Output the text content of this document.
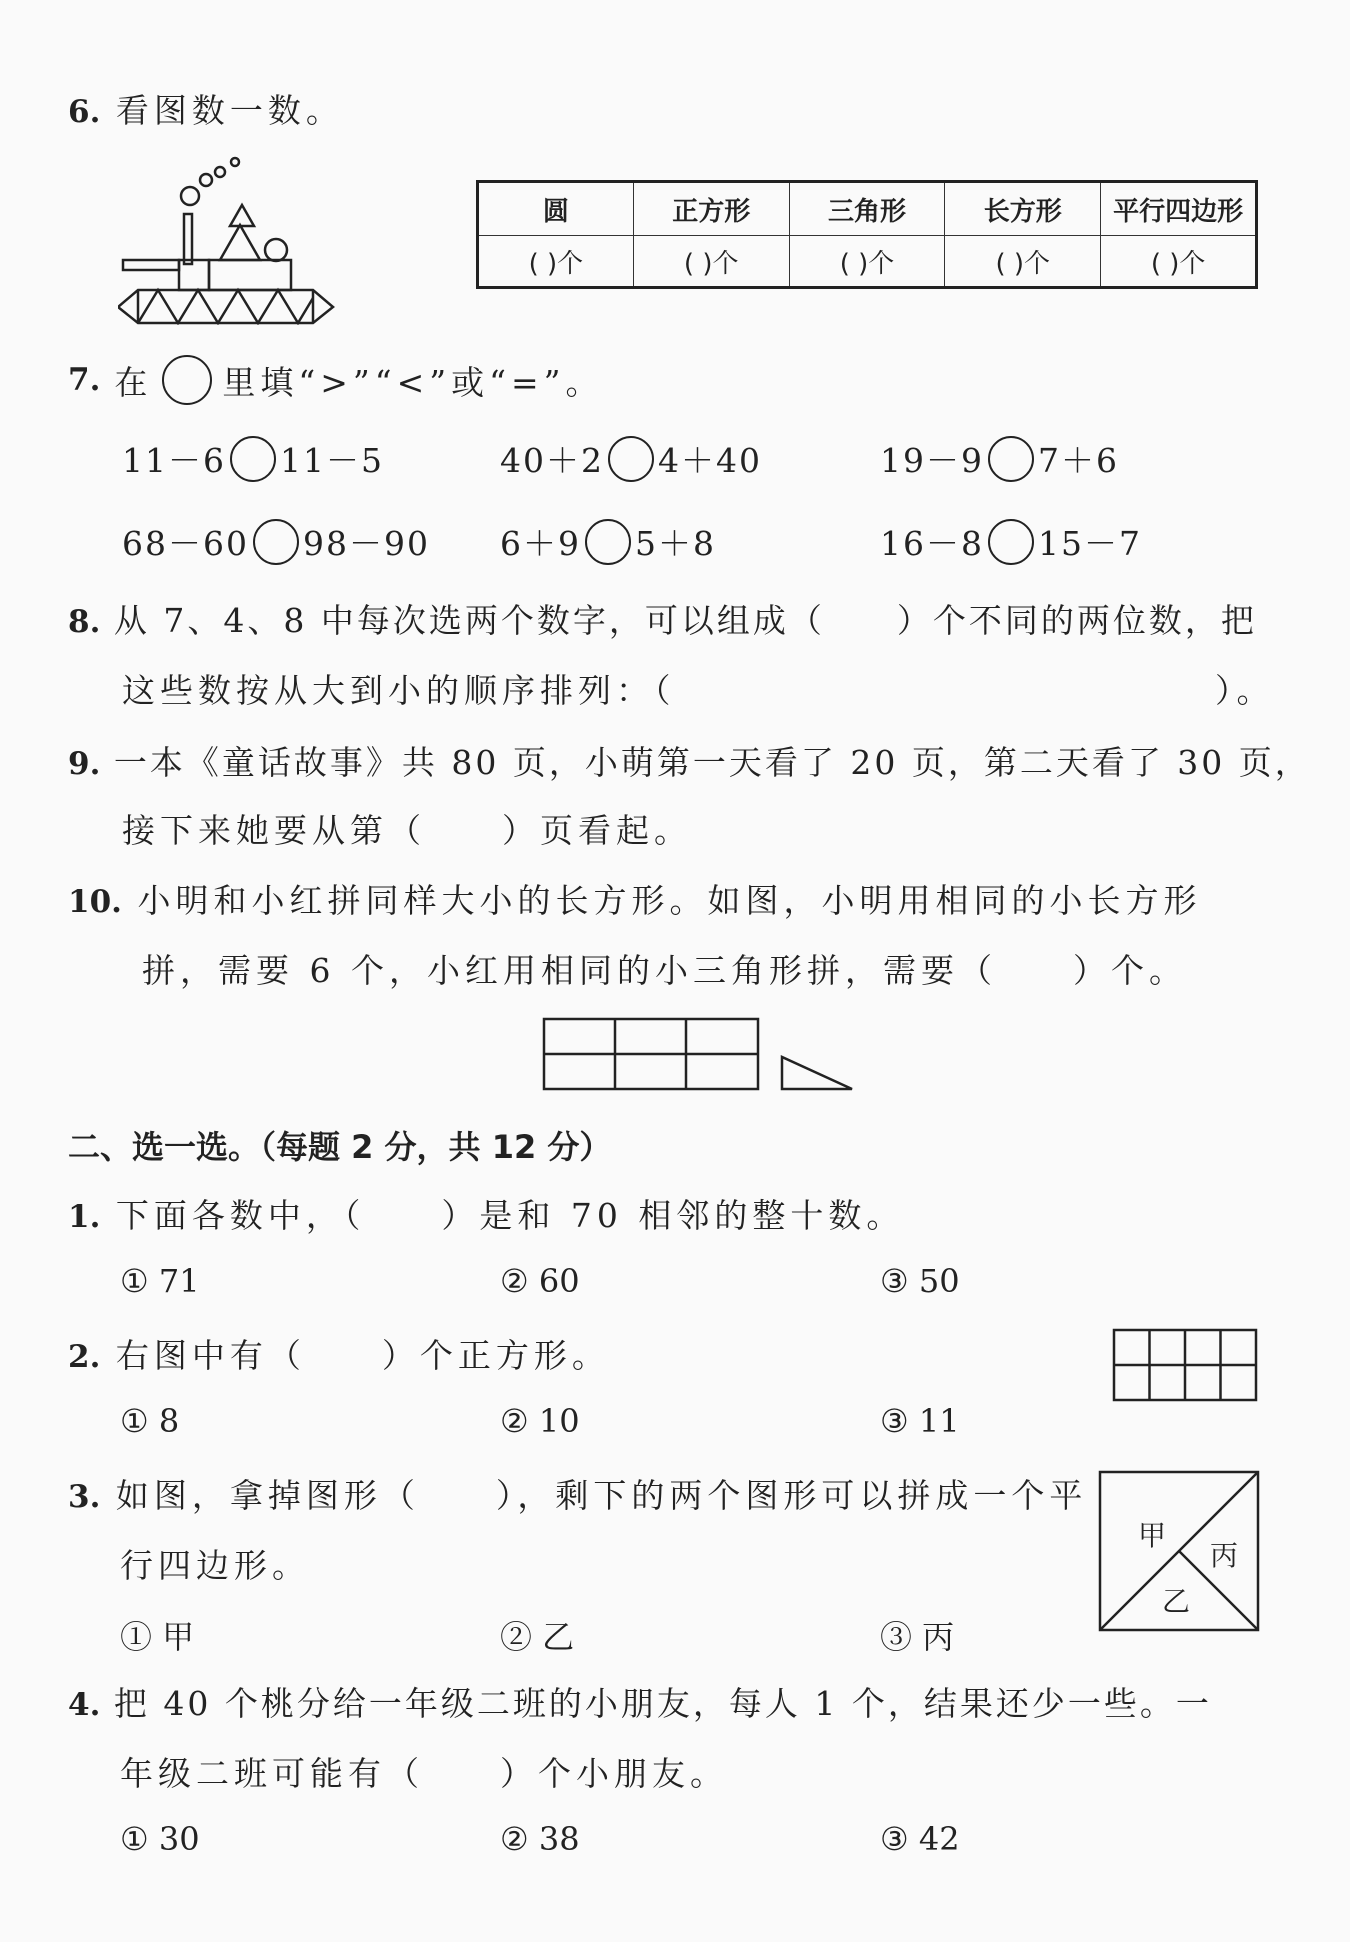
6. 看图数一数。
圆	正方形	三角形	长方形	平行四边形
( )个	( )个	( )个	( )个	( )个
7. 在 里填“>”“<”或“=”。
11－6 11－5	40＋2 4＋40	19－9 7＋6
68－60 98－90 6＋9 5＋8	16－8 15－7
8. 从 7、4、8 中每次选两个数字，可以组成（　　）个不同的两位数，把
这些数按从大到小的顺序排列：（	）。
9. 一本《童话故事》共 80 页，小萌第一天看了 20 页，第二天看了 30 页，
接下来她要从第（　　）页看起。
10. 小明和小红拼同样大小的长方形。如图，小明用相同的小长方形
拼，需要 6 个，小红用相同的小三角形拼，需要（　　）个。
二、选一选。（每题 2 分，共 12 分）
1. 下面各数中，（　　）是和 70 相邻的整十数。
① 71	② 60	③ 50
2. 右图中有（　　）个正方形。
① 8	② 10	③ 11
3. 如图，拿掉图形（　　），剩下的两个图形可以拼成一个平
行四边形。
甲
丙
乙
① 甲	② 乙	③ 丙
4. 把 40 个桃分给一年级二班的小朋友，每人 1 个，结果还少一些。一
年级二班可能有（　　）个小朋友。
① 30	② 38	③ 42
